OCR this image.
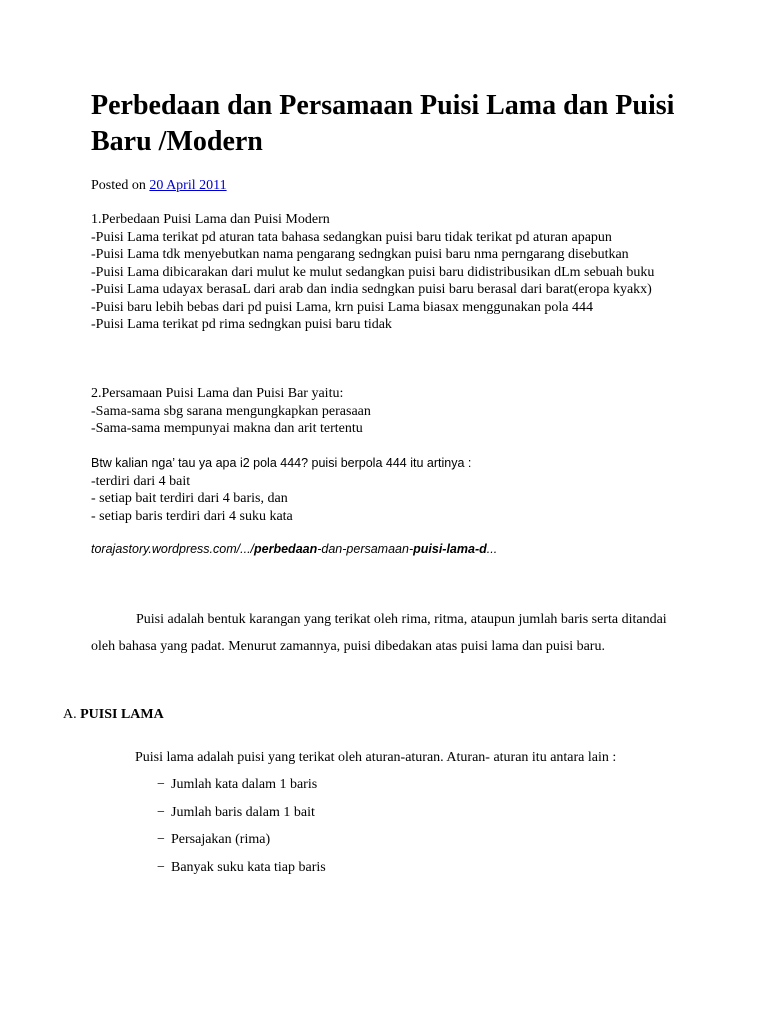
Perbedaan dan Persamaan Puisi Lama dan Puisi Baru /Modern
Posted on 20 April 2011
1.Perbedaan Puisi Lama dan Puisi Modern
-Puisi Lama terikat pd aturan tata bahasa sedangkan puisi baru tidak terikat pd aturan apapun
-Puisi Lama tdk menyebutkan nama pengarang sedngkan puisi baru nma perngarang disebutkan
-Puisi Lama dibicarakan dari mulut ke mulut sedangkan puisi baru didistribusikan dLm sebuah buku
-Puisi Lama udayax berasaL dari arab dan india sedngkan puisi baru berasal dari barat(eropa kyakx)
-Puisi baru lebih bebas dari pd puisi Lama, krn puisi Lama biasax menggunakan pola 444
-Puisi Lama terikat pd rima sedngkan puisi baru tidak
2.Persamaan Puisi Lama dan Puisi Bar yaitu:
-Sama-sama sbg sarana mengungkapkan perasaan
-Sama-sama mempunyai makna dan arit tertentu
Btw kalian nga’ tau ya apa i2 pola 444? puisi berpola 444 itu artinya :
-terdiri dari 4 bait
- setiap bait terdiri dari 4 baris, dan
- setiap baris terdiri dari 4 suku kata
torajastory.wordpress.com/.../perbedaan-dan-persamaan-puisi-lama-d...
Puisi adalah bentuk karangan yang terikat oleh rima, ritma, ataupun jumlah baris serta ditandai oleh bahasa yang padat. Menurut zamannya, puisi dibedakan atas puisi lama dan puisi baru.
A. PUISI LAMA
Puisi lama adalah puisi yang terikat oleh aturan-aturan. Aturan- aturan itu antara lain :
− Jumlah kata dalam 1 baris
− Jumlah baris dalam 1 bait
− Persajakan (rima)
− Banyak suku kata tiap baris
